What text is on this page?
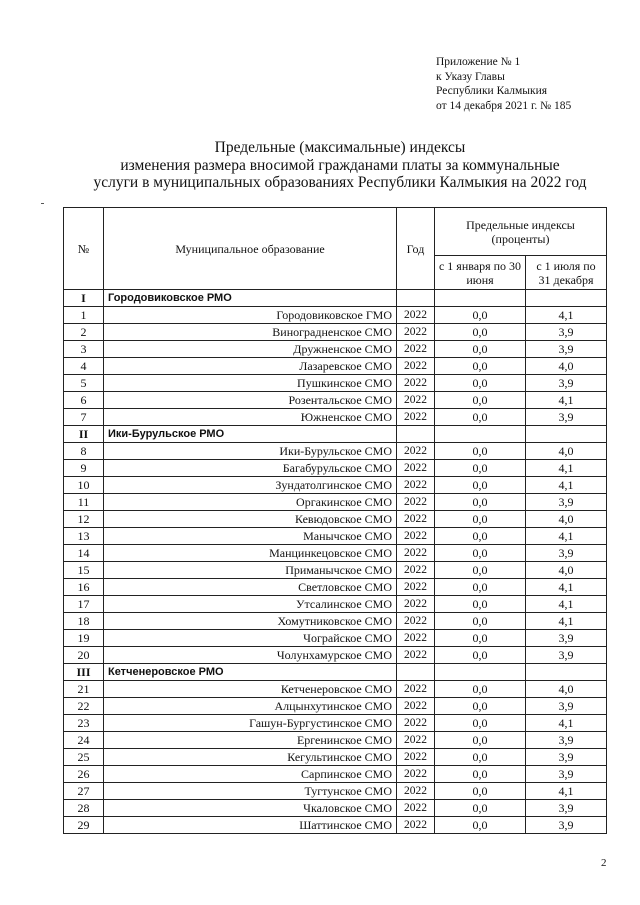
Приложение № 1
к Указу Главы
Республики Калмыкия
от 14 декабря 2021 г. № 185
Предельные (максимальные) индексы
изменения размера вносимой гражданами платы за коммунальные
услуги в муниципальных образованиях Республики Калмыкия на 2022 год
№	Муниципальное образование	Год	Предельные индексы (проценты)	
			с 1 января по 30 июня	с 1 июля по 31 декабря
I	Городовиковское РМО			
1	Городовиковское ГМО	2022	0,0	4,1
2	Виноградненское СМО	2022	0,0	3,9
3	Дружненское СМО	2022	0,0	3,9
4	Лазаревское СМО	2022	0,0	4,0
5	Пушкинское СМО	2022	0,0	3,9
6	Розентальское СМО	2022	0,0	4,1
7	Южненское СМО	2022	0,0	3,9
II	Ики-Бурульское РМО			
8	Ики-Бурульское СМО	2022	0,0	4,0
9	Багабурульское СМО	2022	0,0	4,1
10	Зундатолгинское СМО	2022	0,0	4,1
11	Оргакинское СМО	2022	0,0	3,9
12	Кевюдовское СМО	2022	0,0	4,0
13	Манычское СМО	2022	0,0	4,1
14	Манцинкецовское СМО	2022	0,0	3,9
15	Приманычское СМО	2022	0,0	4,0
16	Светловское СМО	2022	0,0	4,1
17	Утсалинское СМО	2022	0,0	4,1
18	Хомутниковское СМО	2022	0,0	4,1
19	Чограйское СМО	2022	0,0	3,9
20	Чолунхамурское СМО	2022	0,0	3,9
III	Кетченеровское РМО			
21	Кетченеровское СМО	2022	0,0	4,0
22	Алцынхутинское СМО	2022	0,0	3,9
23	Гашун-Бургустинское СМО	2022	0,0	4,1
24	Ергенинское СМО	2022	0,0	3,9
25	Кегультинское СМО	2022	0,0	3,9
26	Сарпинское СМО	2022	0,0	3,9
27	Тугтунское СМО	2022	0,0	4,1
28	Чкаловское СМО	2022	0,0	3,9
29	Шаттинское СМО	2022	0,0	3,9
2
